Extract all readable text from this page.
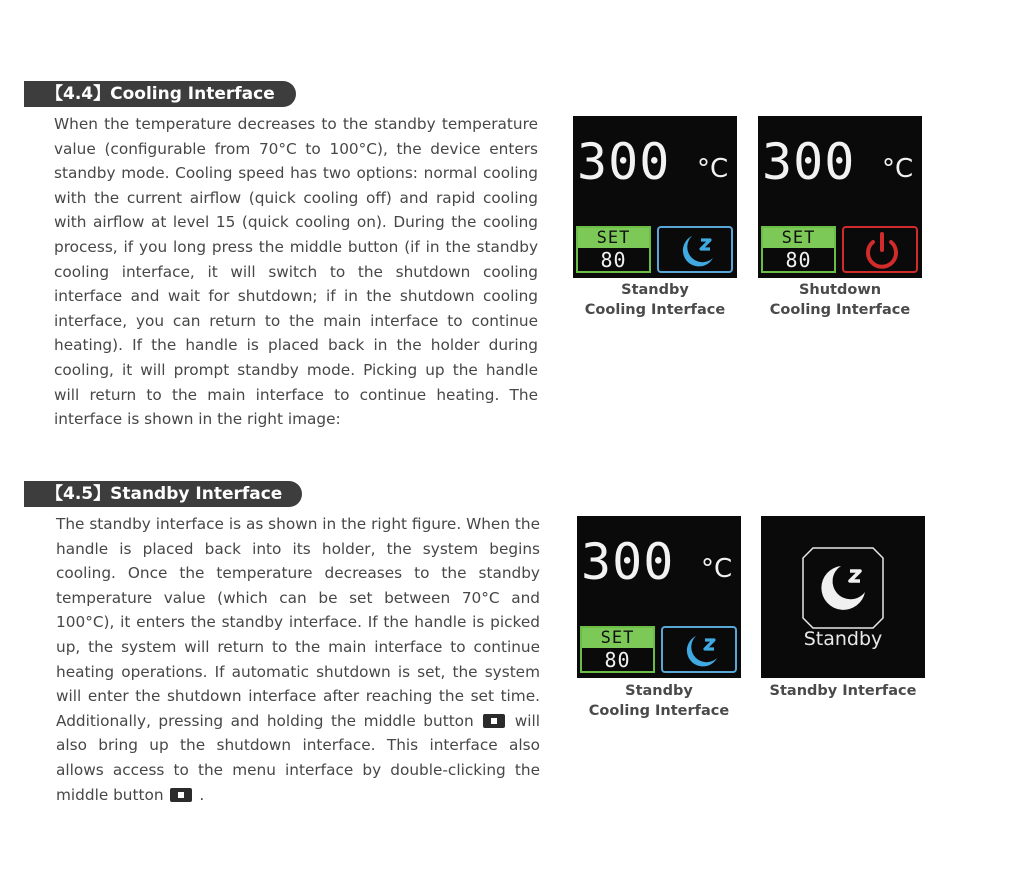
【4.4】Cooling Interface
When the temperature decreases to the standby temperature value (configurable from 70°C to 100°C), the device enters standby mode. Cooling speed has two options: normal cooling with the current airflow (quick cooling off) and rapid cooling with airflow at level 15 (quick cooling on). During the cooling process, if you long press the middle button (if in the standby cooling interface, it will switch to the shutdown cooling interface and wait for shutdown; if in the shutdown cooling interface, you can return to the main interface to continue heating). If the handle is placed back in the holder during cooling, it will prompt standby mode. Picking up the handle will return to the main interface to continue heating. The interface is shown in the right image:
300 °C
SET
80
Standby
Cooling Interface
300 °C
SET
80
Shutdown
Cooling Interface
【4.5】Standby Interface
The standby interface is as shown in the right figure. When the handle is placed back into its holder, the system begins cooling. Once the temperature decreases to the standby temperature value (which can be set between 70°C and 100°C), it enters the standby interface. If the handle is picked up, the system will return to the main interface to continue heating operations. If automatic shutdown is set, the system will enter the shutdown interface after reaching the set time. Additionally, pressing and holding the middle button	will also bring up the shutdown interface. This interface also allows access to the menu interface by double-clicking the middle button .
300 °C
SET
80
Standby
Cooling Interface
Standby
Standby Interface
